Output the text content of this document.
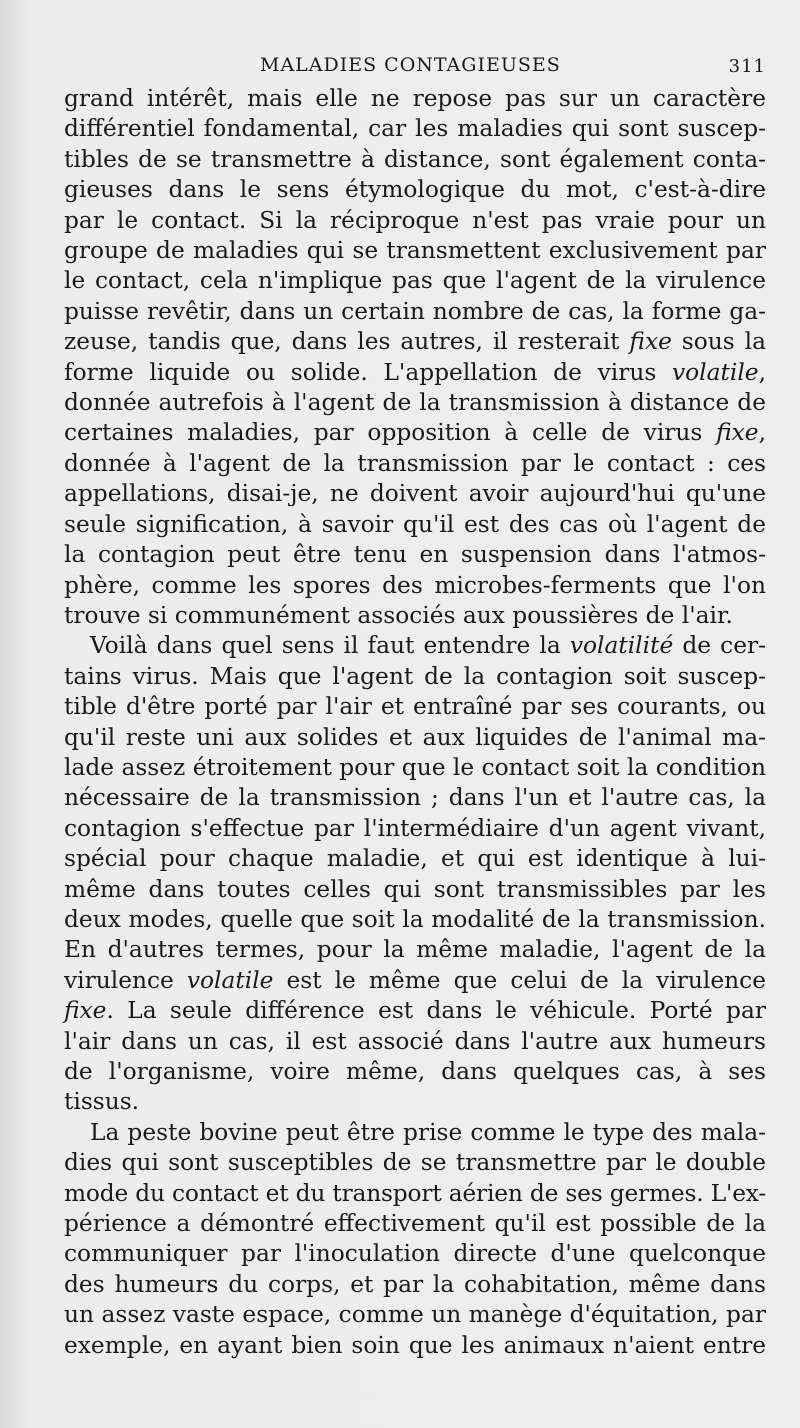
MALADIES CONTAGIEUSES	311
grand intérêt, mais elle ne repose pas sur un caractère
différentiel fondamental, car les maladies qui sont suscep-
tibles de se transmettre à distance, sont également conta-
gieuses dans le sens étymologique du mot, c'est-à-dire
par le contact. Si la réciproque n'est pas vraie pour un
groupe de maladies qui se transmettent exclusivement par
le contact, cela n'implique pas que l'agent de la virulence
puisse revêtir, dans un certain nombre de cas, la forme ga-
zeuse, tandis que, dans les autres, il resterait fixe sous la
forme liquide ou solide. L'appellation de virus volatile,
donnée autrefois à l'agent de la transmission à distance de
certaines maladies, par opposition à celle de virus fixe,
donnée à l'agent de la transmission par le contact : ces
appellations, disai-je, ne doivent avoir aujourd'hui qu'une
seule signification, à savoir qu'il est des cas où l'agent de
la contagion peut être tenu en suspension dans l'atmos-
phère, comme les spores des microbes-ferments que l'on
trouve si communément associés aux poussières de l'air.
Voilà dans quel sens il faut entendre la volatilité de cer-
tains virus. Mais que l'agent de la contagion soit suscep-
tible d'être porté par l'air et entraîné par ses courants, ou
qu'il reste uni aux solides et aux liquides de l'animal ma-
lade assez étroitement pour que le contact soit la condition
nécessaire de la transmission ; dans l'un et l'autre cas, la
contagion s'effectue par l'intermédiaire d'un agent vivant,
spécial pour chaque maladie, et qui est identique à lui-
même dans toutes celles qui sont transmissibles par les
deux modes, quelle que soit la modalité de la transmission.
En d'autres termes, pour la même maladie, l'agent de la
virulence volatile est le même que celui de la virulence
fixe. La seule différence est dans le véhicule. Porté par
l'air dans un cas, il est associé dans l'autre aux humeurs
de l'organisme, voire même, dans quelques cas, à ses
tissus.
La peste bovine peut être prise comme le type des mala-
dies qui sont susceptibles de se transmettre par le double
mode du contact et du transport aérien de ses germes. L'ex-
périence a démontré effectivement qu'il est possible de la
communiquer par l'inoculation directe d'une quelconque
des humeurs du corps, et par la cohabitation, même dans
un assez vaste espace, comme un manège d'équitation, par
exemple, en ayant bien soin que les animaux n'aient entre
